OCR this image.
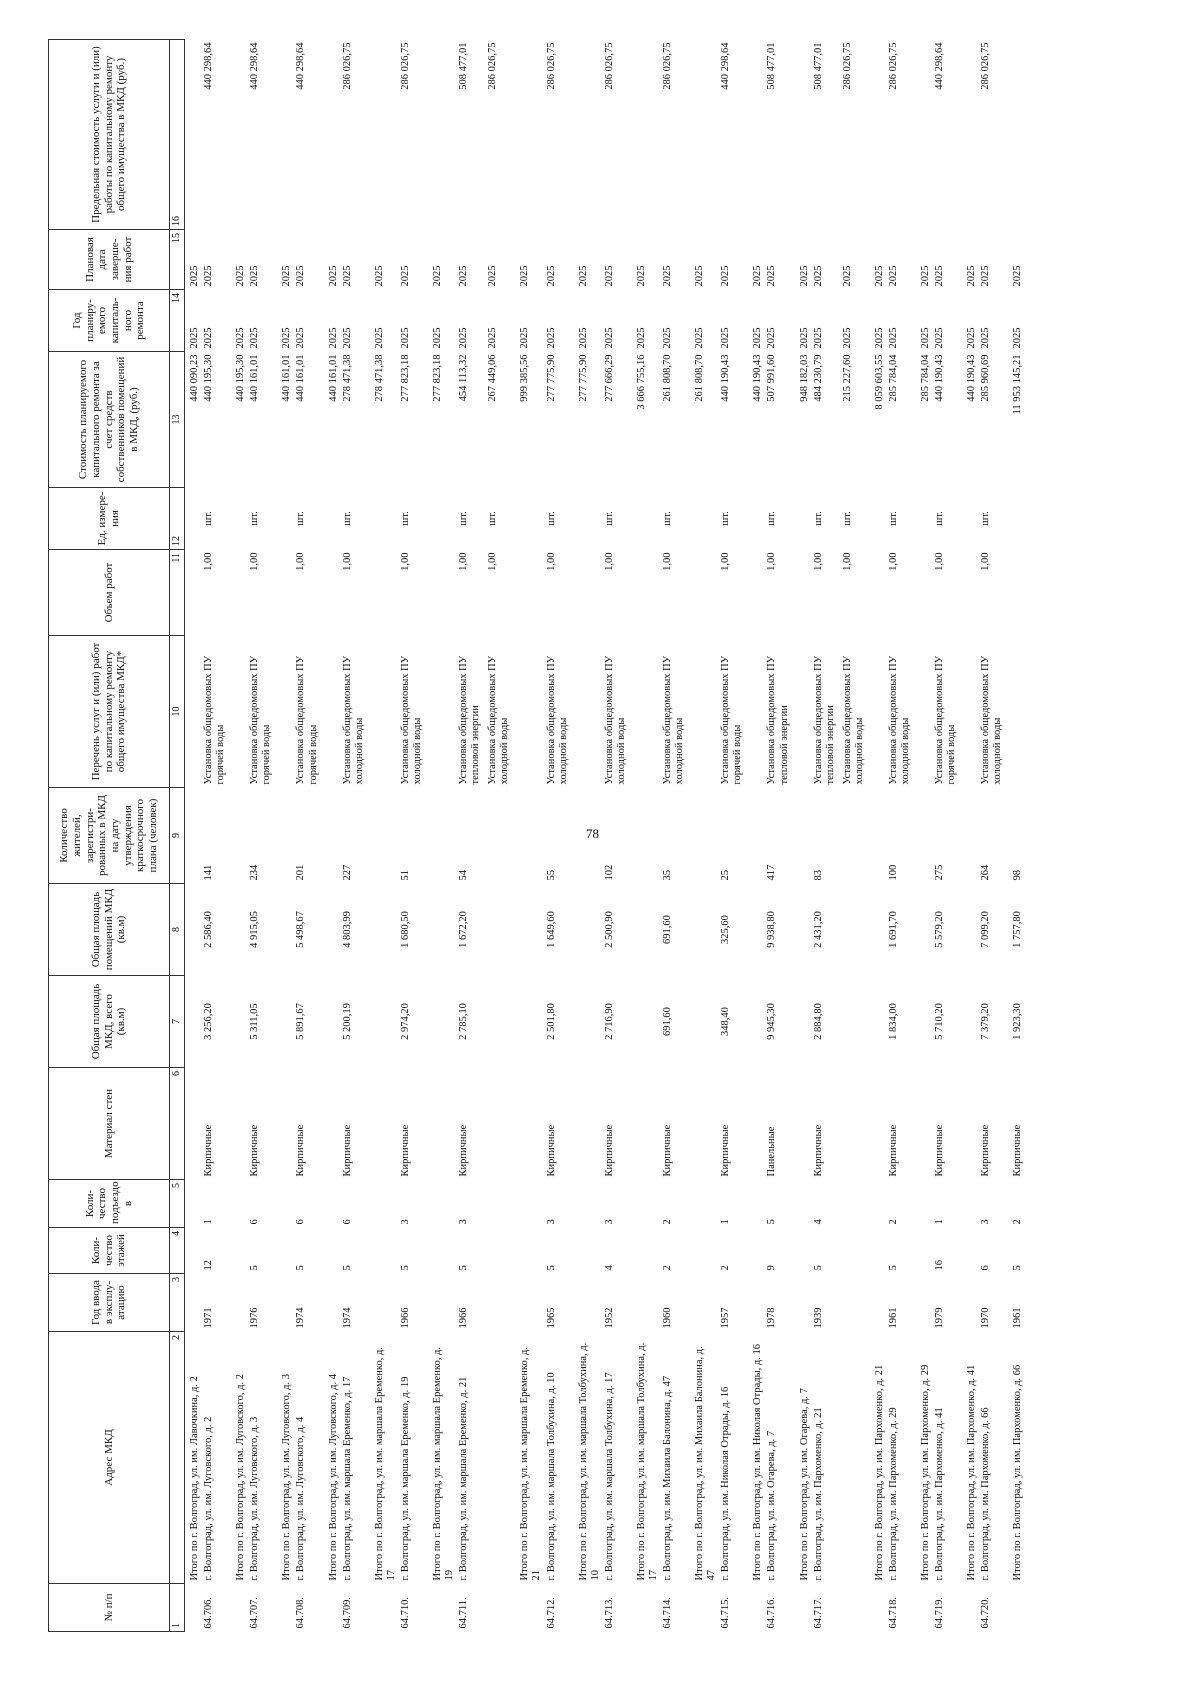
78
№ п/п	Адрес МКД	Год ввода в эксплу-атацию	Коли-чество этажей	Коли-чество подъездо в	Материал стен	Общая площадь МКД, всего (кв.м)	Общая площадь помещений МКД (кв.м)	Количество жителей, зарегистри-рованных в МКД на дату утверждения краткосрочного плана (человек)	Перечень услуг и (или) работ по капитальному ремонту общего имущества МКД*	Объем работ	Ед. измере-ния	Стоимость планируемого капитального ремонта за счет средств собственников помещений в МКД, (руб.)	Год планиру-емого капиталь-ного ремонта	Плановая дата заверше-ния работ	Предельная стоимость услуги и (или) работы по капитальному ремонту общего имущества в МКД (руб.)
1	2	3	4	5	6	7	8	9	10	11	12	13	14	15	16
	Итого по г. Волгоград, ул. им. Лавочкина, д. 2											440 090,23	2025	2025	
64.706.	г. Волгоград, ул. им. Луговского, д. 2	1971	12	1	Кирпичные	3 256,20	2 586,40	141	Установка общедомовых ПУ горячей воды	1,00	шт.	440 195,30	2025	2025	440 298,64
	Итого по г. Волгоград, ул. им. Луговского, д. 2											440 195,30	2025	2025	
64.707.	г. Волгоград, ул. им. Луговского, д. 3	1976	5	6	Кирпичные	5 311,05	4 915,05	234	Установка общедомовых ПУ горячей воды	1,00	шт.	440 161,01	2025	2025	440 298,64
	Итого по г. Волгоград, ул. им. Луговского, д. 3											440 161,01	2025	2025	
64.708.	г. Волгоград, ул. им. Луговского, д. 4	1974	5	6	Кирпичные	5 891,67	5 498,67	201	Установка общедомовых ПУ горячей воды	1,00	шт.	440 161,01	2025	2025	440 298,64
	Итого по г. Волгоград, ул. им. Луговского, д. 4											440 161,01	2025	2025	
64.709.	г. Волгоград, ул. им. маршала Еременко, д. 17	1974	5	6	Кирпичные	5 200,19	4 803,99	227	Установка общедомовых ПУ холодной воды	1,00	шт.	278 471,38	2025	2025	286 026,75
	Итого по г. Волгоград, ул. им. маршала Еременко, д. 17											278 471,38	2025	2025	
64.710.	г. Волгоград, ул. им. маршала Еременко, д. 19	1966	5	3	Кирпичные	2 974,20	1 680,50	51	Установка общедомовых ПУ холодной воды	1,00	шт.	277 823,18	2025	2025	286 026,75
	Итого по г. Волгоград, ул. им. маршала Еременко, д. 19											277 823,18	2025	2025	
64.711.	г. Волгоград, ул. им. маршала Еременко, д. 21	1966	5	3	Кирпичные	2 785,10	1 672,20	54	Установка общедомовых ПУ тепловой энергии	1,00	шт.	454 113,32	2025	2025	508 477,01
									Установка общедомовых ПУ холодной воды	1,00	шт.	267 449,06	2025	2025	286 026,75
	Итого по г. Волгоград, ул. им. маршала Еременко, д. 21											999 385,56	2025	2025	
64.712.	г. Волгоград, ул. им. маршала Толбухина, д. 10	1965	5	3	Кирпичные	2 501,80	1 649,60	55	Установка общедомовых ПУ холодной воды	1,00	шт.	277 775,90	2025	2025	286 026,75
	Итого по г. Волгоград, ул. им. маршала Толбухина, д. 10											277 775,90	2025	2025	
64.713.	г. Волгоград, ул. им. маршала Толбухина, д. 17	1952	4	3	Кирпичные	2 716,90	2 500,90	102	Установка общедомовых ПУ холодной воды	1,00	шт.	277 666,29	2025	2025	286 026,75
	Итого по г. Волгоград, ул. им. маршала Толбухина, д. 17											3 666 755,16	2025	2025	
64.714.	г. Волгоград, ул. им. Михаила Балонина, д. 47	1960	2	2	Кирпичные	691,60	691,60	35	Установка общедомовых ПУ холодной воды	1,00	шт.	261 808,70	2025	2025	286 026,75
	Итого по г. Волгоград, ул. им. Михаила Балонина, д. 47											261 808,70	2025	2025	
64.715.	г. Волгоград, ул. им. Николая Отрады, д. 16	1957	2	1	Кирпичные	348,40	325,60	25	Установка общедомовых ПУ горячей воды	1,00	шт.	440 190,43	2025	2025	440 298,64
	Итого по г. Волгоград, ул. им. Николая Отрады, д. 16											440 190,43	2025	2025	
64.716.	г. Волгоград, ул. им. Огарева, д. 7	1978	9	5	Панельные	9 945,30	9 938,80	417	Установка общедомовых ПУ тепловой энергии	1,00	шт.	507 991,60	2025	2025	508 477,01
	Итого по г. Волгоград, ул. им. Огарева, д. 7											948 182,03	2025	2025	
64.717.	г. Волгоград, ул. им. Пархоменко, д. 21	1939	5	4	Кирпичные	2 884,80	2 431,20	83	Установка общедомовых ПУ тепловой энергии	1,00	шт.	484 230,79	2025	2025	508 477,01
									Установка общедомовых ПУ холодной воды	1,00	шт.	215 227,60	2025	2025	286 026,75
	Итого по г. Волгоград, ул. им. Пархоменко, д. 21											8 059 603,55	2025	2025	
64.718.	г. Волгоград, ул. им. Пархоменко, д. 29	1961	5	2	Кирпичные	1 834,00	1 691,70	100	Установка общедомовых ПУ холодной воды	1,00	шт.	285 784,04	2025	2025	286 026,75
	Итого по г. Волгоград, ул. им. Пархоменко, д. 29											285 784,04	2025	2025	
64.719.	г. Волгоград, ул. им. Пархоменко, д. 41	1979	16	1	Кирпичные	5 710,20	5 579,20	275	Установка общедомовых ПУ горячей воды	1,00	шт.	440 190,43	2025	2025	440 298,64
	Итого по г. Волгоград, ул. им. Пархоменко, д. 41											440 190,43	2025	2025	
64.720.	г. Волгоград, ул. им. Пархоменко, д. 66	1970	6	3	Кирпичные	7 379,20	7 099,20	264	Установка общедомовых ПУ холодной воды	1,00	шт.	285 960,69	2025	2025	286 026,75
	Итого по г. Волгоград, ул. им. Пархоменко, д. 66	1961	5	2	Кирпичные	1 923,30	1 757,80	98				11 953 145,21	2025	2025	
